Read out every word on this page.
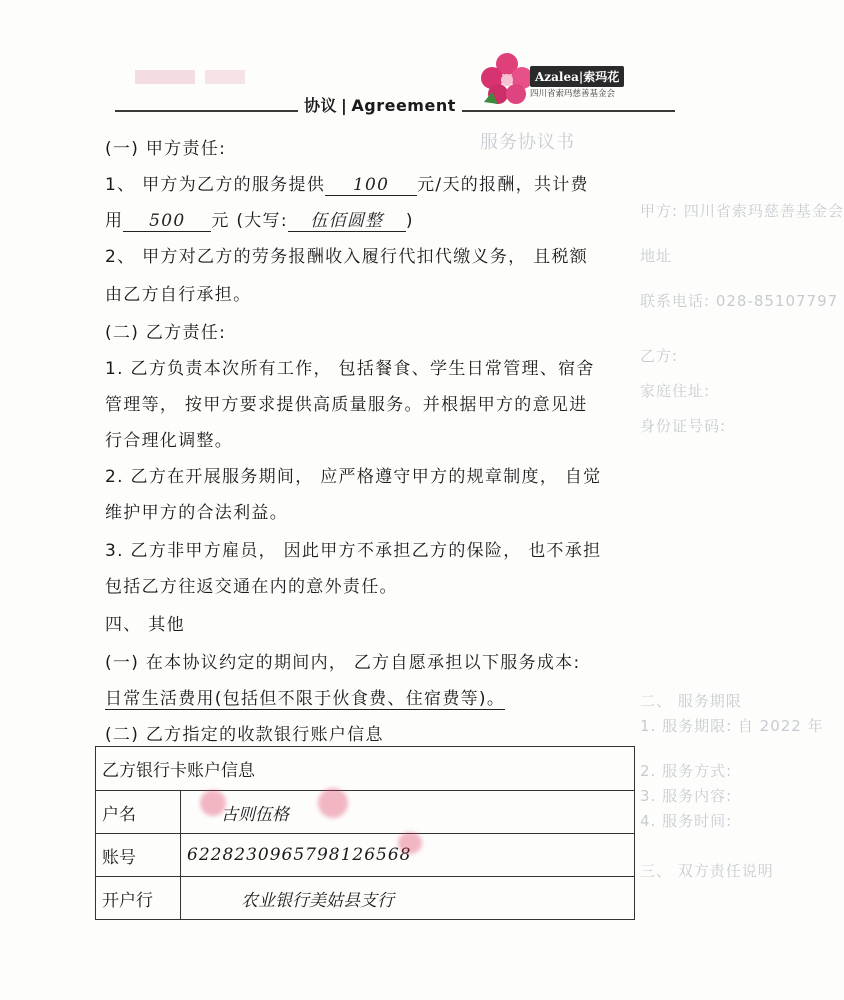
服务协议书
甲方: 四川省索玛慈善基金会
地址
联系电话: 028-85107797
乙方:
家庭住址:
身份证号码:
二、 服务期限
1. 服务期限: 自 2022 年
2. 服务方式:
3. 服务内容:
4. 服务时间:
三、 双方责任说明
协议 | Agreement
Azalea|索玛花
四川省索玛慈善基金会
(一) 甲方责任:
1、 甲方为乙方的服务提供 100 元/天的报酬，共计费
用 500 元 (大写: 伍佰圆整 )
2、 甲方对乙方的劳务报酬收入履行代扣代缴义务， 且税额
由乙方自行承担。
(二) 乙方责任:
1. 乙方负责本次所有工作， 包括餐食、学生日常管理、宿舍
管理等， 按甲方要求提供高质量服务。并根据甲方的意见进
行合理化调整。
2. 乙方在开展服务期间， 应严格遵守甲方的规章制度， 自觉
维护甲方的合法利益。
3. 乙方非甲方雇员， 因此甲方不承担乙方的保险， 也不承担
包括乙方往返交通在内的意外责任。
四、 其他
(一) 在本协议约定的期间内， 乙方自愿承担以下服务成本:
日常生活费用(包括但不限于伙食费、住宿费等)。
(二) 乙方指定的收款银行账户信息
乙方银行卡账户信息	
户名	古则伍格
账号	6228230965798126568
开户行	农业银行美姑县支行
